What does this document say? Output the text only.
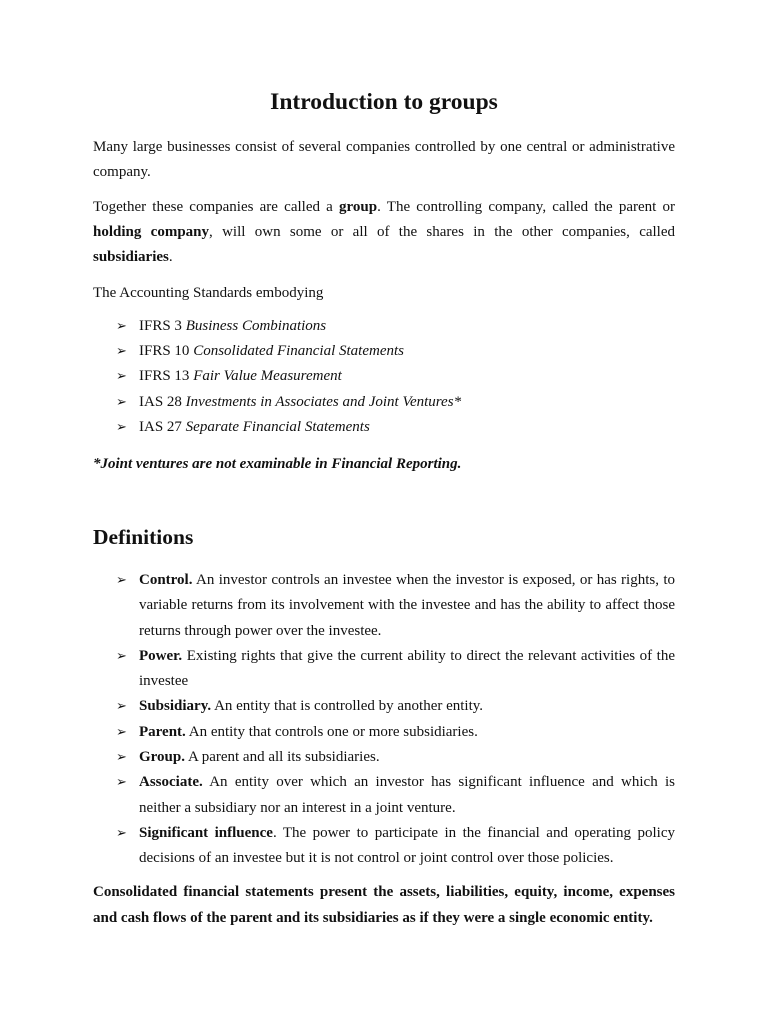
Introduction to groups

Many large businesses consist of several companies controlled by one central or administrative company.

Together these companies are called a group. The controlling company, called the parent or holding company, will own some or all of the shares in the other companies, called subsidiaries.

The Accounting Standards embodying

➢ IFRS 3 Business Combinations
➢ IFRS 10 Consolidated Financial Statements
➢ IFRS 13 Fair Value Measurement
➢ IAS 28 Investments in Associates and Joint Ventures*
➢ IAS 27 Separate Financial Statements
*Joint ventures are not examinable in Financial Reporting.
Definitions
➢ Control. An investor controls an investee when the investor is exposed, or has rights, to variable returns from its involvement with the investee and has the ability to affect those returns through power over the investee.
➢ Power. Existing rights that give the current ability to direct the relevant activities of the investee
➢ Subsidiary. An entity that is controlled by another entity.
➢ Parent. An entity that controls one or more subsidiaries.
➢ Group. A parent and all its subsidiaries.
➢ Associate. An entity over which an investor has significant influence and which is neither a subsidiary nor an interest in a joint venture.
➢ Significant influence. The power to participate in the financial and operating policy decisions of an investee but it is not control or joint control over those policies.
Consolidated financial statements present the assets, liabilities, equity, income, expenses and cash flows of the parent and its subsidiaries as if they were a single economic entity.
